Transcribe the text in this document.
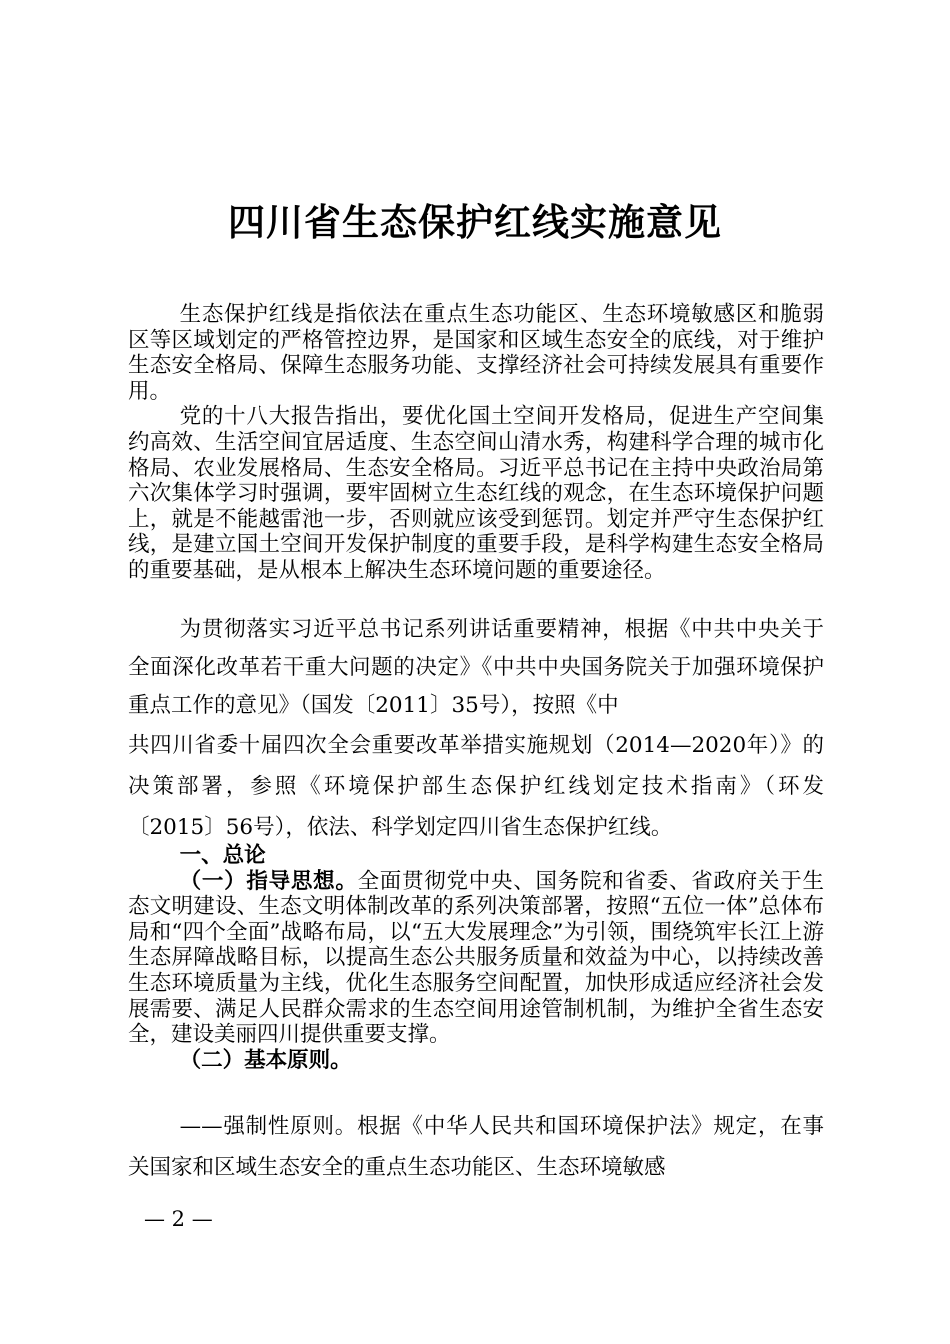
四川省生态保护红线实施意见

生态保护红线是指依法在重点生态功能区、生态环境敏感区和脆弱区等区域划定的严格管控边界，是国家和区域生态安全的底线，对于维护生态安全格局、保障生态服务功能、支撑经济社会可持续发展具有重要作用。

党的十八大报告指出，要优化国土空间开发格局，促进生产空间集约高效、生活空间宜居适度、生态空间山清水秀，构建科学合理的城市化格局、农业发展格局、生态安全格局。习近平总书记在主持中央政治局第六次集体学习时强调，要牢固树立生态红线的观念，在生态环境保护问题上，就是不能越雷池一步，否则就应该受到惩罚。划定并严守生态保护红线，是建立国土空间开发保护制度的重要手段，是科学构建生态安全格局的重要基础，是从根本上解决生态环境问题的重要途径。

为贯彻落实习近平总书记系列讲话重要精神，根据《中共中央关于全面深化改革若干重大问题的决定》《中共中央国务院关于加强环境保护重点工作的意见》（国发〔2011〕35号），按照《中

共四川省委十届四次全会重要改革举措实施规划（2014—2020年）》的决策部署，参照《环境保护部生态保护红线划定技术指南》（环发〔2015〕56号），依法、科学划定四川省生态保护红线。

一、总论

（一）指导思想。全面贯彻党中央、国务院和省委、省政府关于生态文明建设、生态文明体制改革的系列决策部署，按照“五位一体”总体布局和“四个全面”战略布局，以“五大发展理念”为引领，围绕筑牢长江上游生态屏障战略目标，以提高生态公共服务质量和效益为中心，以持续改善生态环境质量为主线，优化生态服务空间配置，加快形成适应经济社会发展需要、满足人民群众需求的生态空间用途管制机制，为维护全省生态安全，建设美丽四川提供重要支撑。

（二）基本原则。

——强制性原则。根据《中华人民共和国环境保护法》规定，在事关国家和区域生态安全的重点生态功能区、生态环境敏感

— 2 —
